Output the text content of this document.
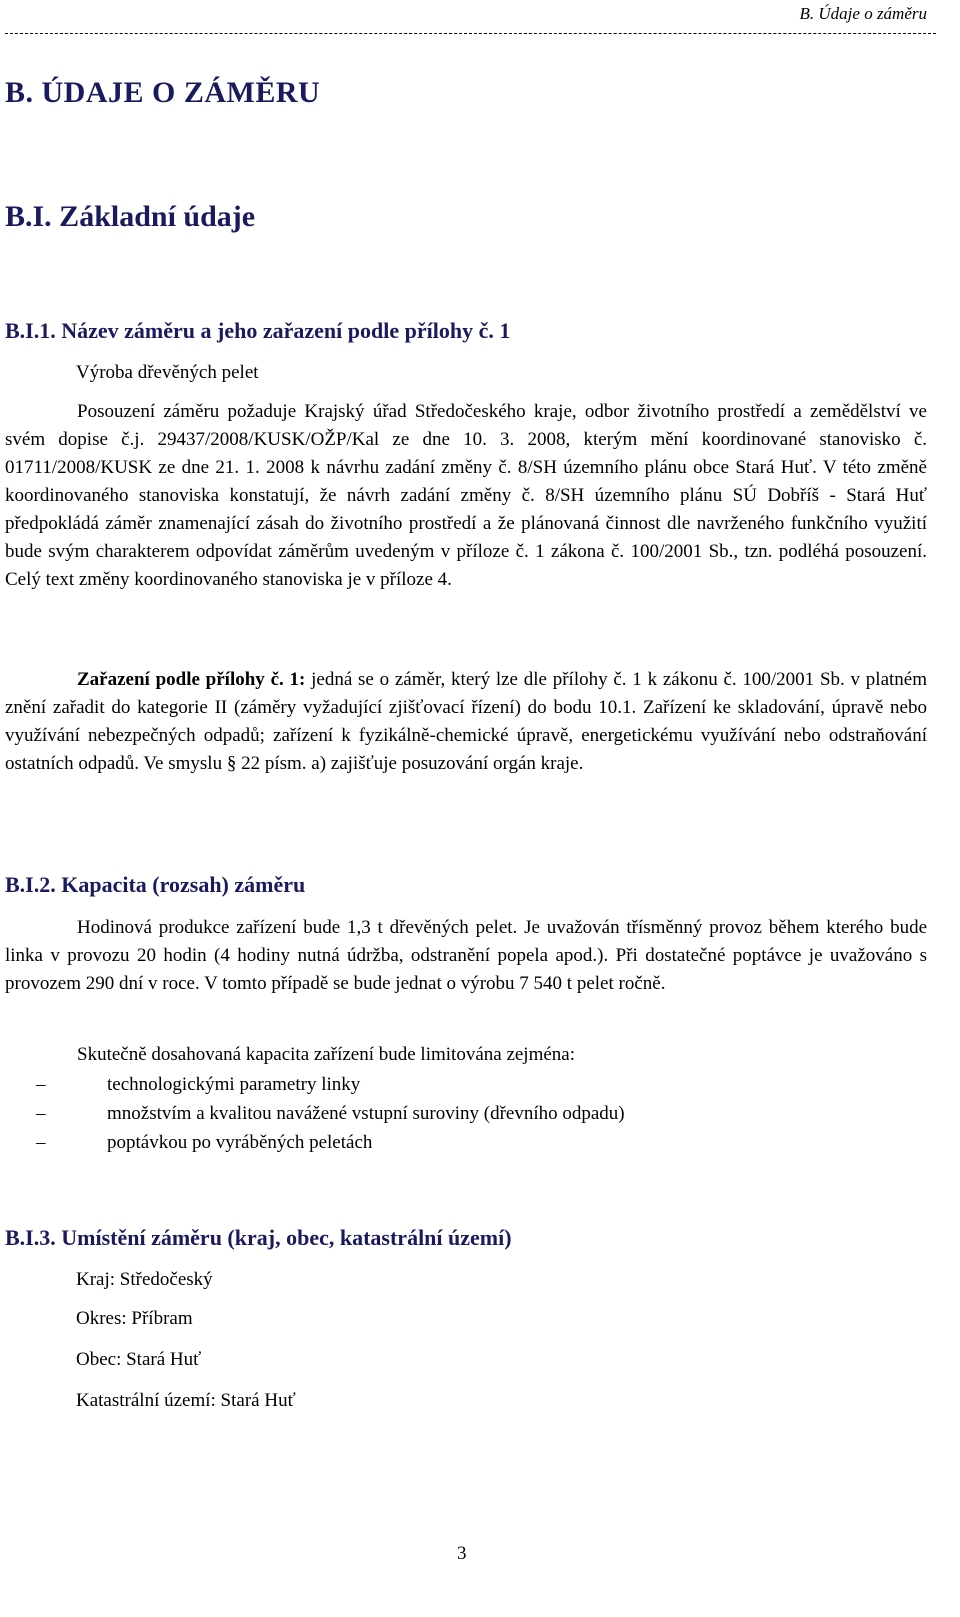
B. Údaje o záměru
B. ÚDAJE O ZÁMĚRU
B.I. Základní údaje
B.I.1. Název záměru a jeho zařazení podle přílohy č. 1
Výroba dřevěných pelet

Posouzení záměru požaduje Krajský úřad Středočeského kraje, odbor životního prostředí a zemědělství ve svém dopise č.j. 29437/2008/KUSK/OŽP/Kal ze dne 10. 3. 2008, kterým mění koordinované stanovisko č. 01711/2008/KUSK ze dne 21. 1. 2008 k návrhu zadání změny č. 8/SH územního plánu obce Stará Huť. V této změně koordinovaného stanoviska konstatují, že návrh zadání změny č. 8/SH územního plánu SÚ Dobříš - Stará Huť předpokládá záměr znamenající zásah do životního prostředí a že plánovaná činnost dle navrženého funkčního využití bude svým charakterem odpovídat záměrům uvedeným v příloze č. 1 zákona č. 100/2001 Sb., tzn. podléhá posouzení. Celý text změny koordinovaného stanoviska je v příloze 4.

Zařazení podle přílohy č. 1: jedná se o záměr, který lze dle přílohy č. 1 k zákonu č. 100/2001 Sb. v platném znění zařadit do kategorie II (záměry vyžadující zjišťovací řízení) do bodu 10.1. Zařízení ke skladování, úpravě nebo využívání nebezpečných odpadů; zařízení k fyzikálně-chemické úpravě, energetickému využívání nebo odstraňování ostatních odpadů. Ve smyslu § 22 písm. a) zajišťuje posuzování orgán kraje.

B.I.2. Kapacita (rozsah) záměru

Hodinová produkce zařízení bude 1,3 t dřevěných pelet. Je uvažován třísměnný provoz během kterého bude linka v provozu 20 hodin (4 hodiny nutná údržba, odstranění popela apod.). Při dostatečné poptávce je uvažováno s provozem 290 dní v roce. V tomto případě se bude jednat o výrobu 7 540 t pelet ročně.

Skutečně dosahovaná kapacita zařízení bude limitována zejména:

–	technologickými parametry linky
–	množstvím a kvalitou navážené vstupní suroviny (dřevního odpadu)
–	poptávkou po vyráběných peletách
B.I.3. Umístění záměru (kraj, obec, katastrální území)
Kraj: Středočeský
Okres: Příbram
Obec: Stará Huť
Katastrální území: Stará Huť
3
